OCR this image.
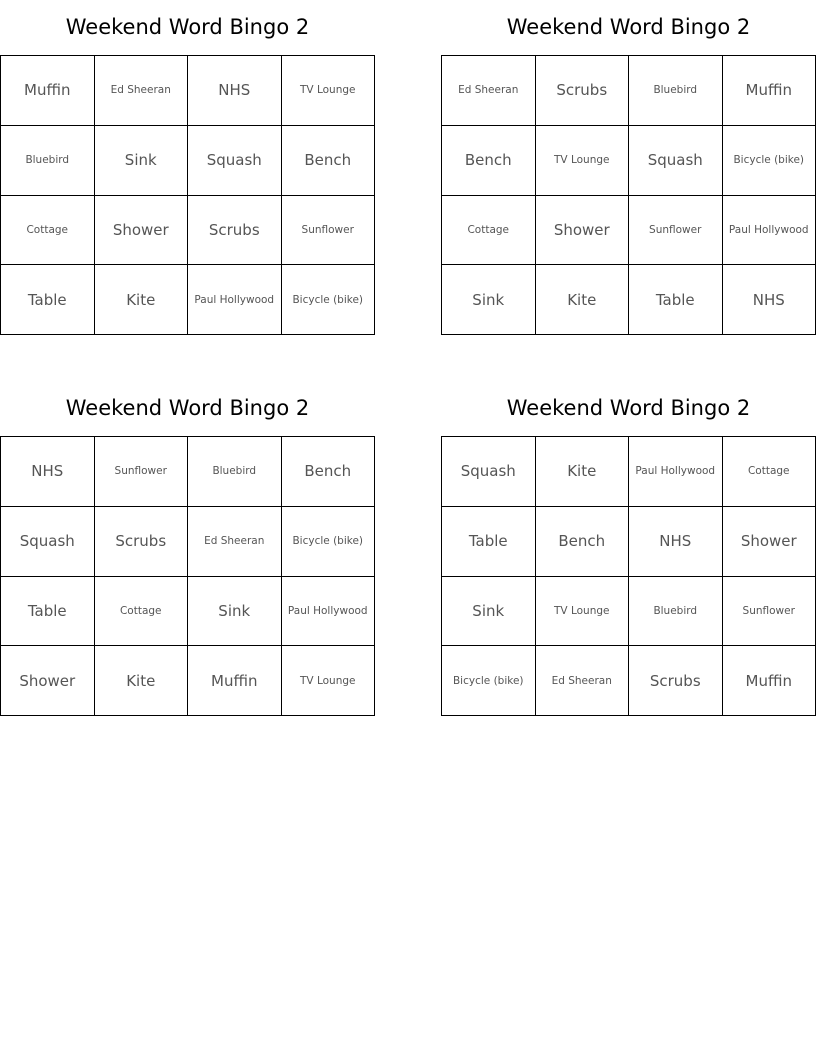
Weekend Word Bingo 2
Muffin	Ed Sheeran	NHS	TV Lounge
Bluebird	Sink	Squash	Bench
Cottage	Shower	Scrubs	Sunflower
Table	Kite	Paul Hollywood	Bicycle (bike)
Weekend Word Bingo 2
Ed Sheeran	Scrubs	Bluebird	Muffin
Bench	TV Lounge	Squash	Bicycle (bike)
Cottage	Shower	Sunflower	Paul Hollywood
Sink	Kite	Table	NHS
Weekend Word Bingo 2
NHS	Sunflower	Bluebird	Bench
Squash	Scrubs	Ed Sheeran	Bicycle (bike)
Table	Cottage	Sink	Paul Hollywood
Shower	Kite	Muffin	TV Lounge
Weekend Word Bingo 2
Squash	Kite	Paul Hollywood	Cottage
Table	Bench	NHS	Shower
Sink	TV Lounge	Bluebird	Sunflower
Bicycle (bike)	Ed Sheeran	Scrubs	Muffin
